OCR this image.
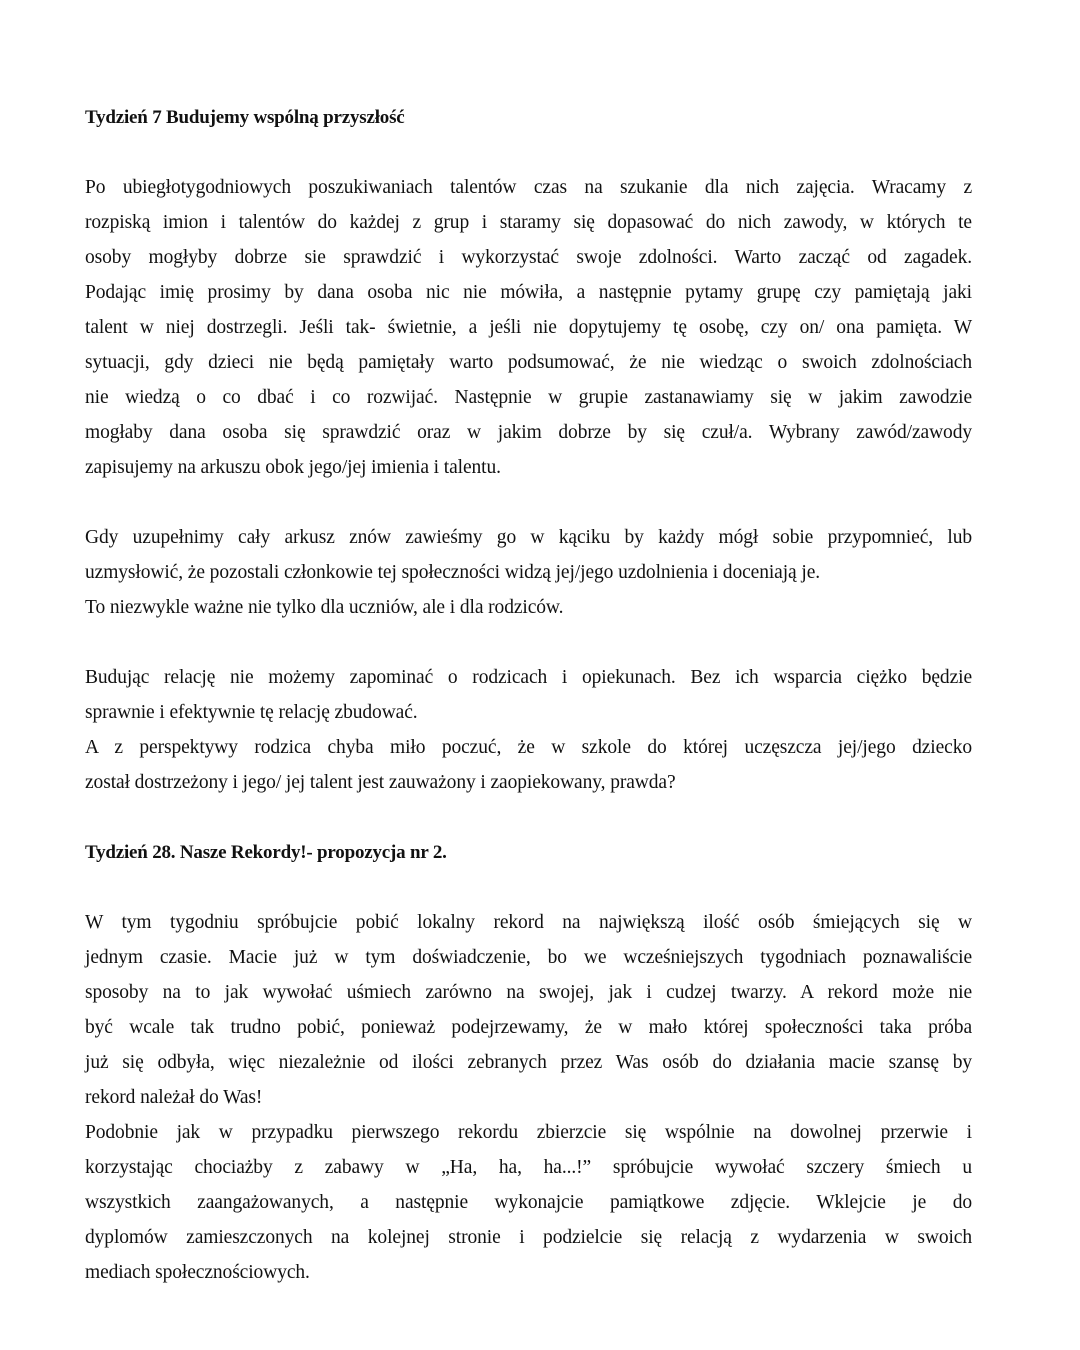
Tydzień 7 Budujemy wspólną przyszłość

Po ubiegłotygodniowych poszukiwaniach talentów czas na szukanie dla nich zajęcia. Wracamy z
rozpiską imion i talentów do każdej z grup i staramy się dopasować do nich zawody, w których te
osoby mogłyby dobrze sie sprawdzić i wykorzystać swoje zdolności. Warto zacząć od zagadek.
Podając imię prosimy by dana osoba nic nie mówiła, a następnie pytamy grupę czy pamiętają jaki
talent w niej dostrzegli. Jeśli tak- świetnie, a jeśli nie dopytujemy tę osobę, czy on/ ona pamięta. W
sytuacji, gdy dzieci nie będą pamiętały warto podsumować, że nie wiedząc o swoich zdolnościach
nie wiedzą o co dbać i co rozwijać. Następnie w grupie zastanawiamy się w jakim zawodzie
mogłaby dana osoba się sprawdzić oraz w jakim dobrze by się czuł/a. Wybrany zawód/zawody
zapisujemy na arkuszu obok jego/jej imienia i talentu.

Gdy uzupełnimy cały arkusz znów zawieśmy go w kąciku by każdy mógł sobie przypomnieć, lub
uzmysłowić, że pozostali członkowie tej społeczności widzą jej/jego uzdolnienia i doceniają je.
To niezwykle ważne nie tylko dla uczniów, ale i dla rodziców.

Budując relację nie możemy zapominać o rodzicach i opiekunach. Bez ich wsparcia ciężko będzie
sprawnie i efektywnie tę relację zbudować.
A z perspektywy rodzica chyba miło poczuć, że w szkole do której uczęszcza jej/jego dziecko
został dostrzeżony i jego/ jej talent jest zauważony i zaopiekowany, prawda?

Tydzień 28. Nasze Rekordy!- propozycja nr 2.

W tym tygodniu spróbujcie pobić lokalny rekord na największą ilość osób śmiejących się w
jednym czasie. Macie już w tym doświadczenie, bo we wcześniejszych tygodniach poznawaliście
sposoby na to jak wywołać uśmiech zarówno na swojej, jak i cudzej twarzy. A rekord może nie
być wcale tak trudno pobić, ponieważ podejrzewamy, że w mało której społeczności taka próba
już się odbyła, więc niezależnie od ilości zebranych przez Was osób do działania macie szansę by
rekord należał do Was!
Podobnie jak w przypadku pierwszego rekordu zbierzcie się wspólnie na dowolnej przerwie i
korzystając chociażby z zabawy w „Ha, ha, ha...!” spróbujcie wywołać szczery śmiech u
wszystkich zaangażowanych, a następnie wykonajcie pamiątkowe zdjęcie. Wklejcie je do
dyplomów zamieszczonych na kolejnej stronie i podzielcie się relacją z wydarzenia w swoich
mediach społecznościowych.
